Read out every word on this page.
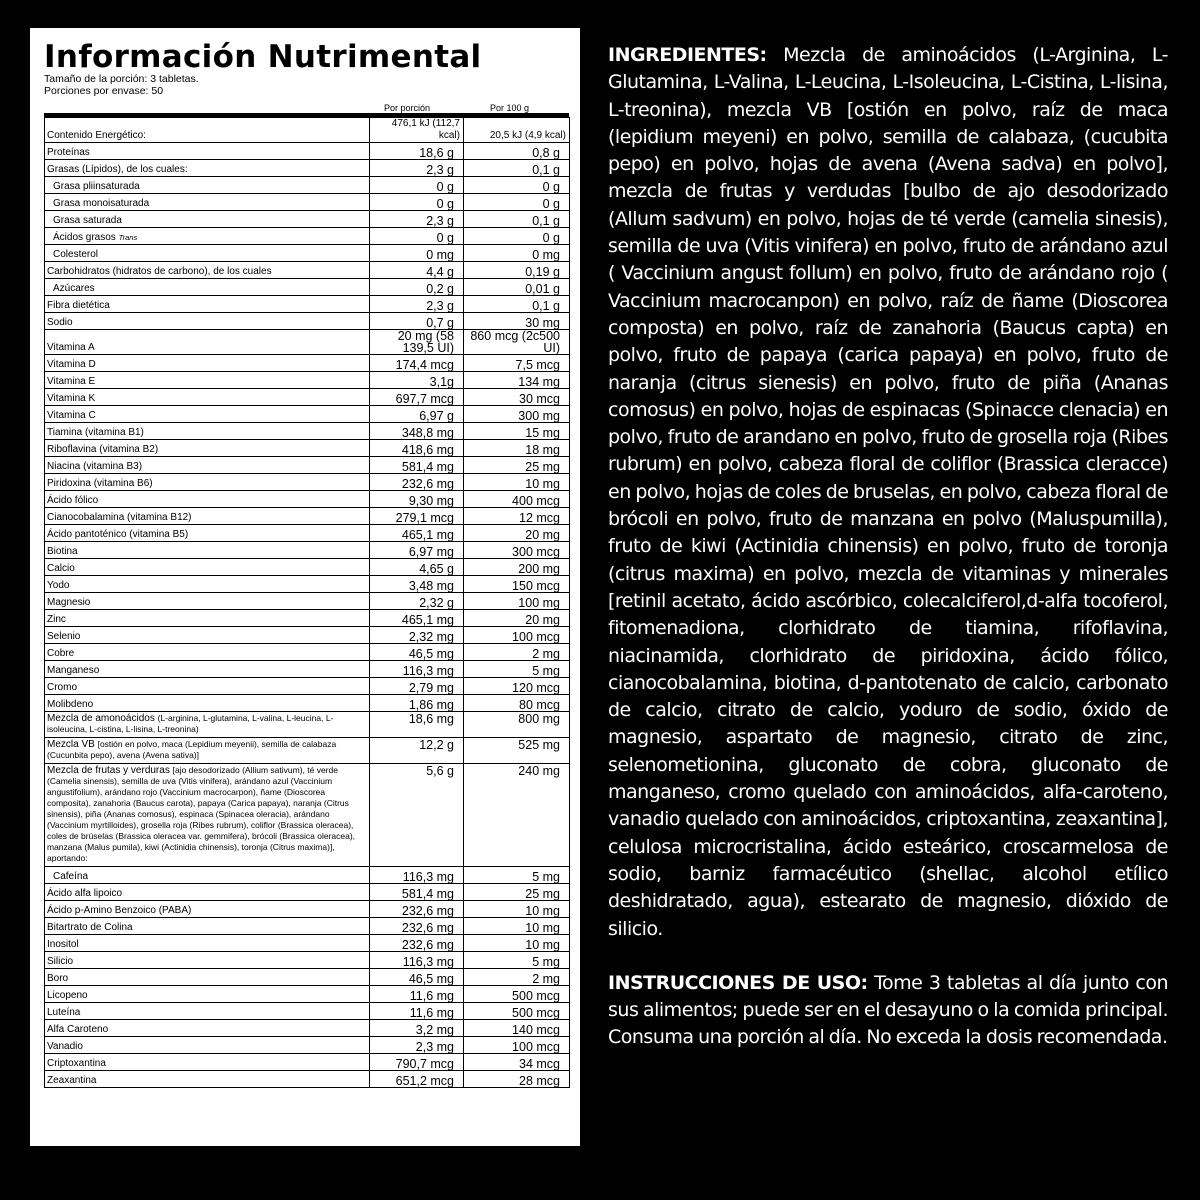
Información Nutrimental
Tamaño de la porción: 3 tabletas.
Porciones por envase: 50
Por porción	Por 100 g
Contenido Energético:	476,1 kJ (112,7 kcal)	20,5 kJ (4,9 kcal)
Proteínas	18,6 g	0,8 g
Grasas (Lípidos), de los cuales:	2,3 g	0,1 g
Grasa pliinsaturada	0 g	0 g
Grasa monoisaturada	0 g	0 g
Grasa saturada	2,3 g	0,1 g
Ácidos grasos Trans	0 g	0 g
Colesterol	0 mg	0 mg
Carbohidratos (hidratos de carbono), de los cuales	4,4 g	0,19 g
Azúcares	0,2 g	0,01 g
Fibra dietética	2,3 g	0,1 g
Sodio	0,7 g	30 mg
Vitamina A	20 mg (58 139,5 UI)	860 mcg (2c500 UI)
Vitamina D	174,4 mcg	7,5 mcg
Vitamina E	3,1g	134 mg
Vitamina K	697,7 mcg	30 mcg
Vitamina C	6,97 g	300 mg
Tiamina (vitamina B1)	348,8 mg	15 mg
Riboflavina (vitamina B2)	418,6 mg	18 mg
Niacina (vitamina B3)	581,4 mg	25 mg
Piridoxina (vitamina B6)	232,6 mg	10 mg
Ácido fólico	9,30 mg	400 mcg
Cianocobalamina (vitamina B12)	279,1 mcg	12 mcg
Ácido pantoténico (vitamina B5)	465,1 mg	20 mg
Biotina	6,97 mg	300 mcg
Calcio	4,65 g	200 mg
Yodo	3,48 mg	150 mcg
Magnesio	2,32 g	100 mg
Zinc	465,1 mg	20 mg
Selenio	2,32 mg	100 mcg
Cobre	46,5 mg	2 mg
Manganeso	116,3 mg	5 mg
Cromo	2,79 mg	120 mcg
Molibdeno	1,86 mg	80 mcg
Mezcla de amonoácidos (L-arginina, L-glutamina, L-valina, L-leucina, L-isoleucina, L-cistina, L-lisina, L-treonina)	18,6 mg	800 mg
Mezcla VB [ostión en polvo, maca (Lepidium meyenii), semilla de calabaza (Cucunbita pepo), avena (Avena sativa)]	12,2 g	525 mg
Mezcla de frutas y verduras [ajo desodorizado (Allium sativum), té verde (Camelia sinensis), semilla de uva (Vitis vinifera), arándano azul (Vaccinium angustifolium), arándano rojo (Vaccinium macrocarpon), ñame (Dioscorea composita), zanahoria (Baucus carota), papaya (Carica papaya), naranja (Citrus sinensis), piña (Ananas comosus), espinaca (Spinacea oleracia), arándano (Vaccinium myrtilloides), grosella roja (Ribes rubrum), coliflor (Brassica oleracea), coles de brúselas (Brassica oleracea var. gemmifera), brócoli (Brassica oleracea), manzana (Malus pumila), kiwi (Actinidia chinensis), toronja (Citrus maxima)], aportando:	5,6 g	240 mg
Cafeína	116,3 mg	5 mg
Ácido alfa lipoico	581,4 mg	25 mg
Ácido p-Amino Benzoico (PABA)	232,6 mg	10 mg
Bitartrato de Colina	232,6 mg	10 mg
Inositol	232,6 mg	10 mg
Silicio	116,3 mg	5 mg
Boro	46,5 mg	2 mg
Licopeno	11,6 mg	500 mcg
Luteína	11,6 mg	500 mcg
Alfa Caroteno	3,2 mg	140 mcg
Vanadio	2,3 mg	100 mcg
Criptoxantina	790,7 mcg	34 mcg
Zeaxantina	651,2 mcg	28 mcg

INGREDIENTES: Mezcla de aminoácidos (L-Arginina, L-Glutamina, L-Valina, L-Leucina, L-Isoleucina, L-Cistina, L-lisina, L-treonina), mezcla VB [ostión en polvo, raíz de maca (lepidium meyeni) en polvo, semilla de calabaza, (cucubita pepo) en polvo, hojas de avena (Avena sadva) en polvo], mezcla de frutas y verdudas [bulbo de ajo desodorizado (Allum sadvum) en polvo, hojas de té verde (camelia sinesis), semilla de uva (Vitis vinifera) en polvo, fruto de arándano azul ( Vaccinium angust follum) en polvo, fruto de arándano rojo ( Vaccinium macrocanpon) en polvo, raíz de ñame (Dioscorea composta) en polvo, raíz de zanahoria (Baucus capta) en polvo, fruto de papaya (carica papaya) en polvo, fruto de naranja (citrus sienesis) en polvo, fruto de piña (Ananas comosus) en polvo, hojas de espinacas (Spinacce clenacia) en polvo, fruto de arandano en polvo, fruto de grosella roja (Ribes rubrum) en polvo, cabeza floral de coliflor (Brassica cleracce) en polvo, hojas de coles de bruselas, en polvo, cabeza floral de brócoli en polvo, fruto de manzana en polvo (Maluspumilla), fruto de kiwi (Actinidia chinensis) en polvo, fruto de toronja (citrus maxima) en polvo, mezcla de vitaminas y minerales [retinil acetato, ácido ascórbico, colecalciferol,d-alfa tocoferol, fitomenadiona, clorhidrato de tiamina, rifoflavina, niacinamida, clorhidrato de piridoxina, ácido fólico, cianocobalamina, biotina, d-pantotenato de calcio, carbonato de calcio, citrato de calcio, yoduro de sodio, óxido de magnesio, aspartato de magnesio, citrato de zinc, selenometionina, gluconato de cobra, gluconato de manganeso, cromo quelado con aminoácidos, alfa-caroteno, vanadio quelado con aminoácidos, criptoxantina, zeaxantina], celulosa microcristalina, ácido esteárico, croscarmelosa de sodio, barniz farmacéutico (shellac, alcohol etílico deshidratado, agua), estearato de magnesio, dióxido de silicio.

INSTRUCCIONES DE USO: Tome 3 tabletas al día junto con sus alimentos; puede ser en el desayuno o la comida principal. Consuma una porción al día. No exceda la dosis recomendada.
